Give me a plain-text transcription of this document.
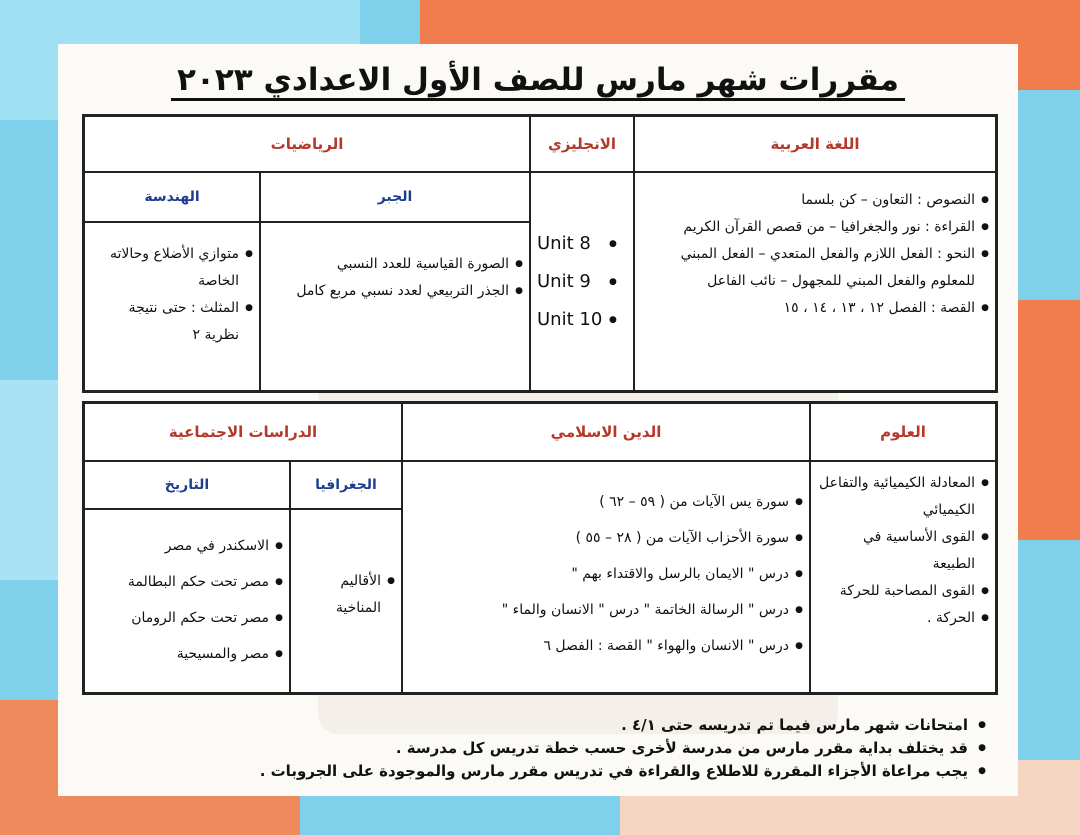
مقررات شهر مارس للصف الأول الاعدادي ٢٠٢٣
اللغة العربية
الانجليزي
الرياضيات
● النصوص : التعاون – كن بلسما
● القراءة : نور والجغرافيا – من قصص القرآن الكريم
● النحو : الفعل اللازم والفعل المتعدي – الفعل المبني للمعلوم والفعل المبني للمجهول – نائب الفاعل
● القصة : الفصل ١٢ ، ١٣ ، ١٤ ، ١٥
● Unit 8
● Unit 9
● Unit 10
الجبر
● الصورة القياسية للعدد النسبي
● الجذر التربيعي لعدد نسبي مربع كامل
الهندسة
● متوازي الأضلاع وحالاته الخاصة
● المثلث : حتى نتيجة نظرية ٢
العلوم
الدين الاسلامي
الدراسات الاجتماعية
● المعادلة الكيميائية والتفاعل الكيميائي
● القوى الأساسية في الطبيعة
● القوى المصاحبة للحركة
● الحركة .
● سورة يس الآيات من ( ٥٩ – ٦٢ )
● سورة الأحزاب الآيات من ( ٢٨ – ٥٥ )
● درس " الايمان بالرسل والاقتداء بهم "
● درس " الرسالة الخاتمة " درس " الانسان والماء "
● درس " الانسان والهواء " القصة : الفصل ٦
الجغرافيا
● الأقاليم المناخية
التاريخ
● الاسكندر في مصر
● مصر تحت حكم البطالمة
● مصر تحت حكم الرومان
● مصر والمسيحية
● امتحانات شهر مارس فيما تم تدريسه حتى ٤/١ .
● قد يختلف بداية مقرر مارس من مدرسة لأخرى حسب خطة تدريس كل مدرسة .
● يجب مراعاة الأجزاء المقررة للاطلاع والقراءة في تدريس مقرر مارس والموجودة على الجروبات .
